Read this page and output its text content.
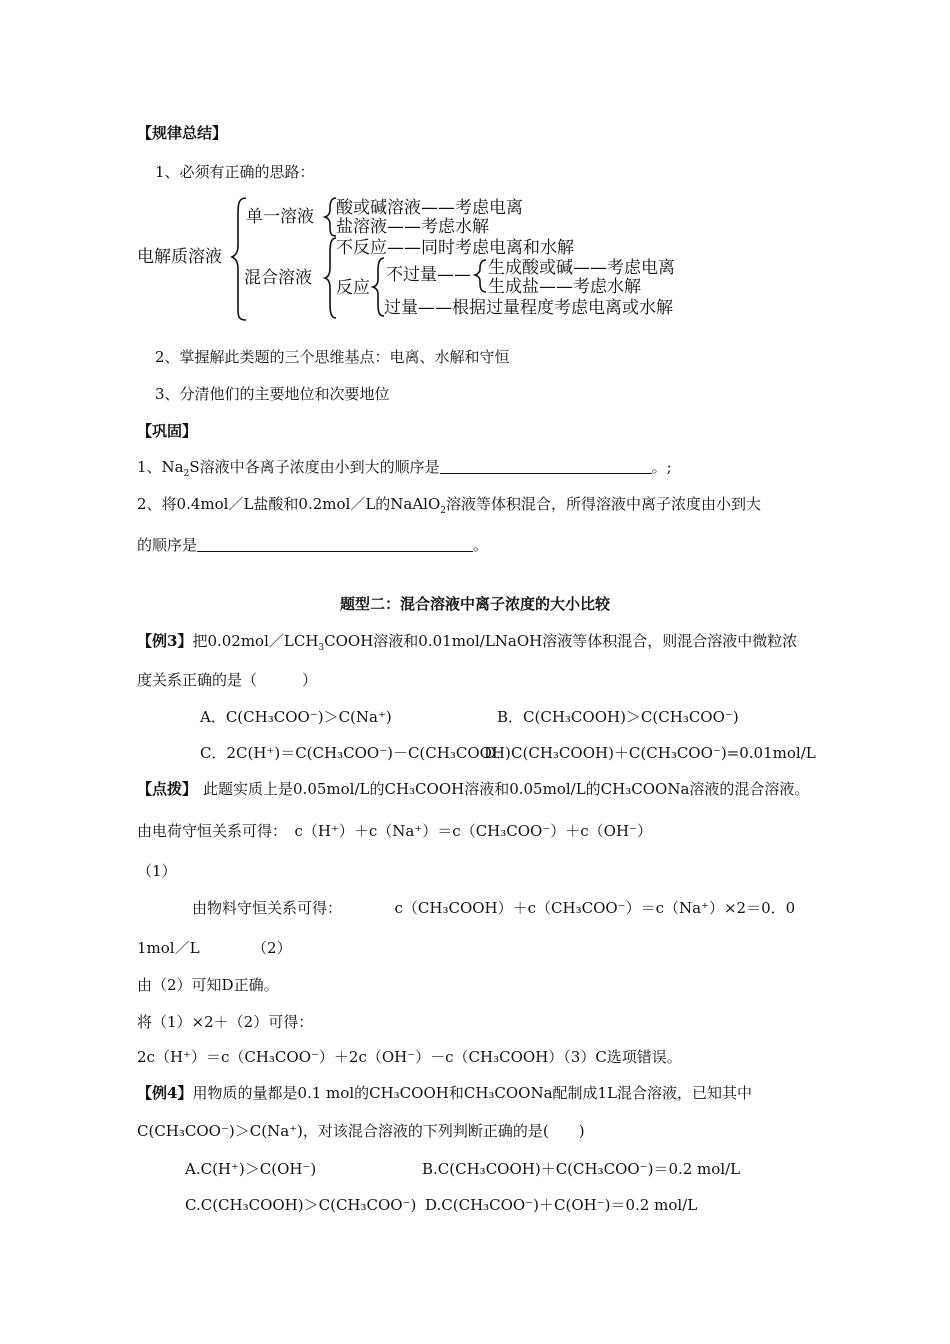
【规律总结】
1、必须有正确的思路：
电解质溶液
单一溶液 酸或碱溶液——考虑电离
盐溶液——考虑水解
混合溶液
不反应——同时考虑电离和水解
反应
不过量—— 生成酸或碱——考虑电离
生成盐——考虑水解
过量——根据过量程度考虑电离或水解
2、掌握解此类题的三个思维基点：电离、水解和守恒
3、分清他们的主要地位和次要地位
【巩固】
1、$Na_2S$溶液中各离子浓度由小到大的顺序是	。;
2、将0.4mol／L盐酸和0.2mol／L的NaAlO$_2$溶液等体积混合，所得溶液中离子浓度由小到大
的顺序是	。
题型二：混合溶液中离子浓度的大小比较
【例3】把$0.02mol/LCH_3COOH$溶液和0.01mol/LNaOH溶液等体积混合，则混合溶液中微粒浓
度关系正确的是（　　　）
A．C(CH₃COO⁻)＞C(Na⁺)	B．C(CH₃COOH)＞C(CH₃COO⁻)
C．2C(H⁺)＝C(CH₃COO⁻)－C(CH₃COOH)
D．C(CH₃COOH)＋C(CH₃COO⁻)=0.01mol/L
【点拨】 此题实质上是0.05mol/L的CH₃COOH溶液和0.05mol/L的CH₃COONa溶液的混合溶液。
由电荷守恒关系可得：　c（H⁺）＋c（Na⁺）＝c（CH₃COO⁻）＋c（OH⁻）
（1）
由物料守恒关系可得：　　　　c（CH₃COOH）＋c（CH₃COO⁻）＝c（Na⁺）×2＝0．0
1mol／L　　　　（2）
由（2）可知D正确。
将（1）×2＋（2）可得：
2c（H⁺）＝c（CH₃COO⁻）＋2c（OH⁻）－c（CH₃COOH）（3）C选项错误。
【例4】用物质的量都是0.1 mol的CH₃COOH和CH₃COONa配制成1L混合溶液，已知其中
C(CH₃COO⁻)＞C(Na⁺)，对该混合溶液的下列判断正确的是(　　)
A.C(H⁺)＞C(OH⁻)	B.C(CH₃COOH)＋C(CH₃COO⁻)＝0.2 mol/L
C.C(CH₃COOH)＞C(CH₃COO⁻) D.C(CH₃COO⁻)＋C(OH⁻)＝0.2 mol/L
